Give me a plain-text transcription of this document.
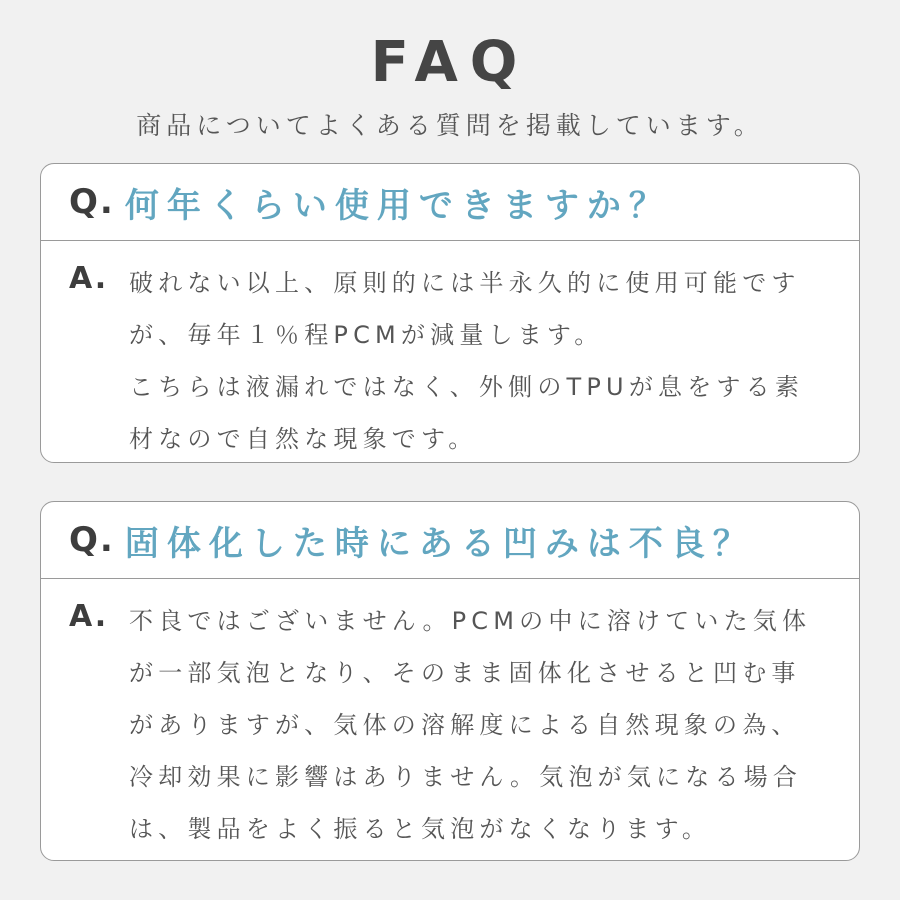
FAQ
商品についてよくある質問を掲載しています。
Q. 何年くらい使用できますか？
A. 破れない以上、原則的には半永久的に使用可能です
が、毎年１％程PCMが減量します。
こちらは液漏れではなく、外側のTPUが息をする素
材なので自然な現象です。
Q. 固体化した時にある凹みは不良？
A. 不良ではございません。PCMの中に溶けていた気体
が一部気泡となり、そのまま固体化させると凹む事
がありますが、気体の溶解度による自然現象の為、
冷却効果に影響はありません。気泡が気になる場合
は、製品をよく振ると気泡がなくなります。
